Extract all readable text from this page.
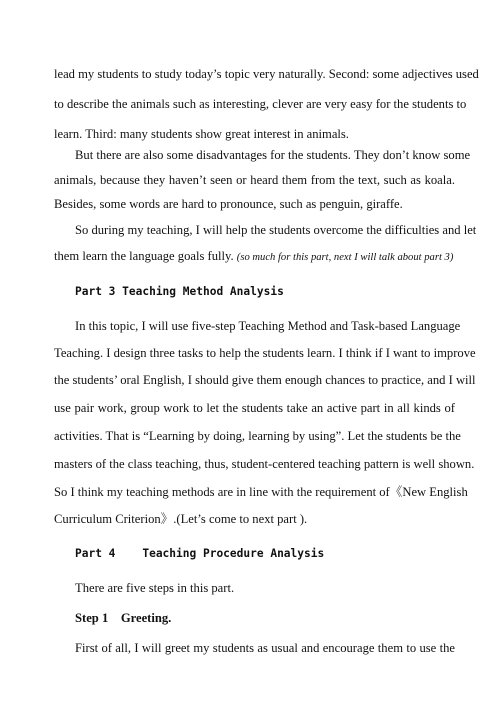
lead my students to study today’s topic very naturally. Second: some adjectives used

to describe the animals such as interesting, clever are very easy for the students to

learn. Third: many students show great interest in animals.

But there are also some disadvantages for the students. They don’t know some

animals, because they haven’t seen or heard them from the text, such as koala.

Besides, some words are hard to pronounce, such as penguin, giraffe.

So during my teaching, I will help the students overcome the difficulties and let

them learn the language goals fully. (so much for this part, next I will talk about part 3)

Part 3 Teaching Method Analysis

In this topic, I will use five-step Teaching Method and Task-based Language

Teaching. I design three tasks to help the students learn. I think if I want to improve

the students’ oral English, I should give them enough chances to practice, and I will

use pair work, group work to let the students take an active part in all kinds of

activities. That is “Learning by doing, learning by using”. Let the students be the

masters of the class teaching, thus, student-centered teaching pattern is well shown.

So I think my teaching methods are in line with the requirement of《New English

Curriculum Criterion》.(Let’s come to next part ).

Part 4    Teaching Procedure Analysis

There are five steps in this part.

Step 1    Greeting.

First of all, I will greet my students as usual and encourage them to use the
